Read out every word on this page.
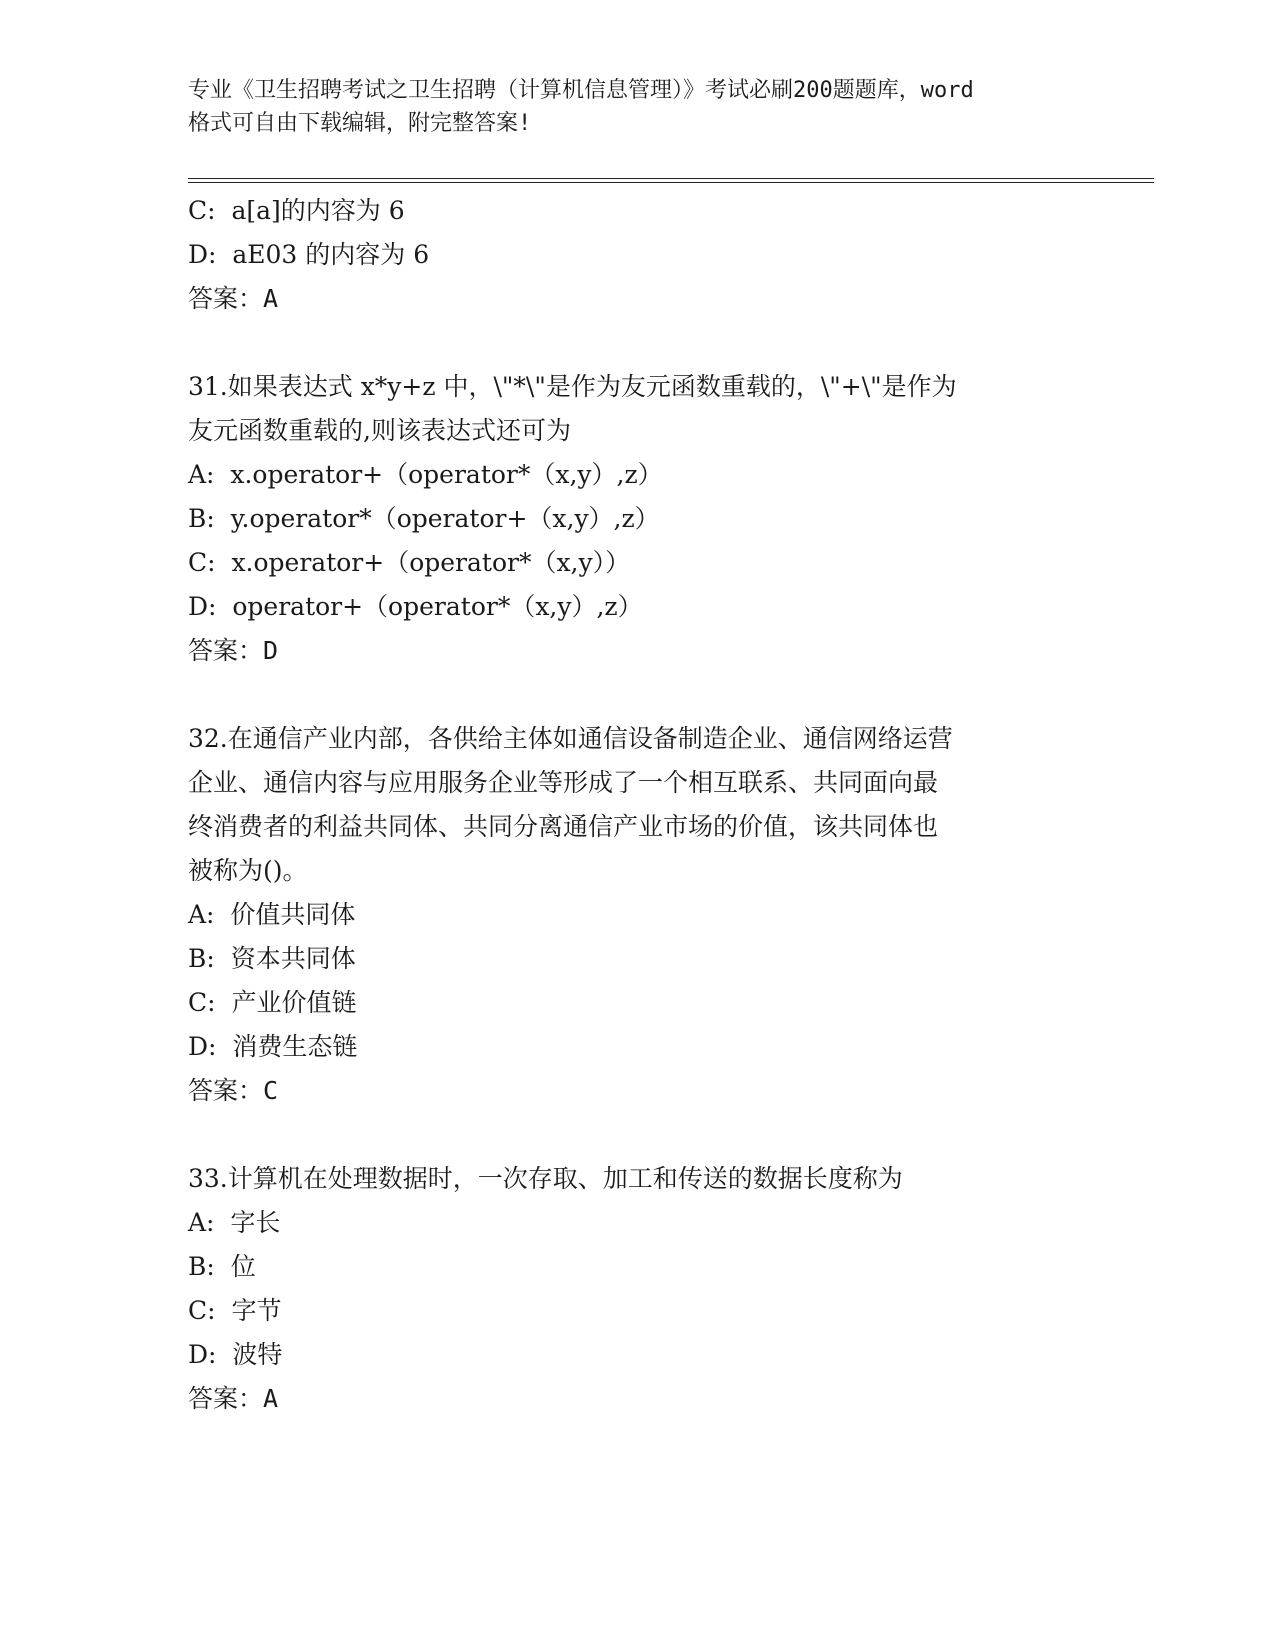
专业《卫生招聘考试之卫生招聘（计算机信息管理）》考试必刷200题题库，word
格式可自由下载编辑，附完整答案!
C:  a[a]的内容为 6
D:  aE03 的内容为 6
答案：A
31.如果表达式 x*y+z 中，\"*\"是作为友元函数重载的，\"+\"是作为
友元函数重载的,则该表达式还可为
A:  x.operator+（operator*（x,y）,z）
B:  y.operator*（operator+（x,y）,z）
C:  x.operator+（operator*（x,y））
D:  operator+（operator*（x,y）,z）
答案：D
32.在通信产业内部，各供给主体如通信设备制造企业、通信网络运营
企业、通信内容与应用服务企业等形成了一个相互联系、共同面向最
终消费者的利益共同体、共同分离通信产业市场的价值，该共同体也
被称为()。
A:  价值共同体
B:  资本共同体
C:  产业价值链
D:  消费生态链
答案：C
33.计算机在处理数据时，一次存取、加工和传送的数据长度称为
A:  字长
B:  位
C:  字节
D:  波特
答案：A
